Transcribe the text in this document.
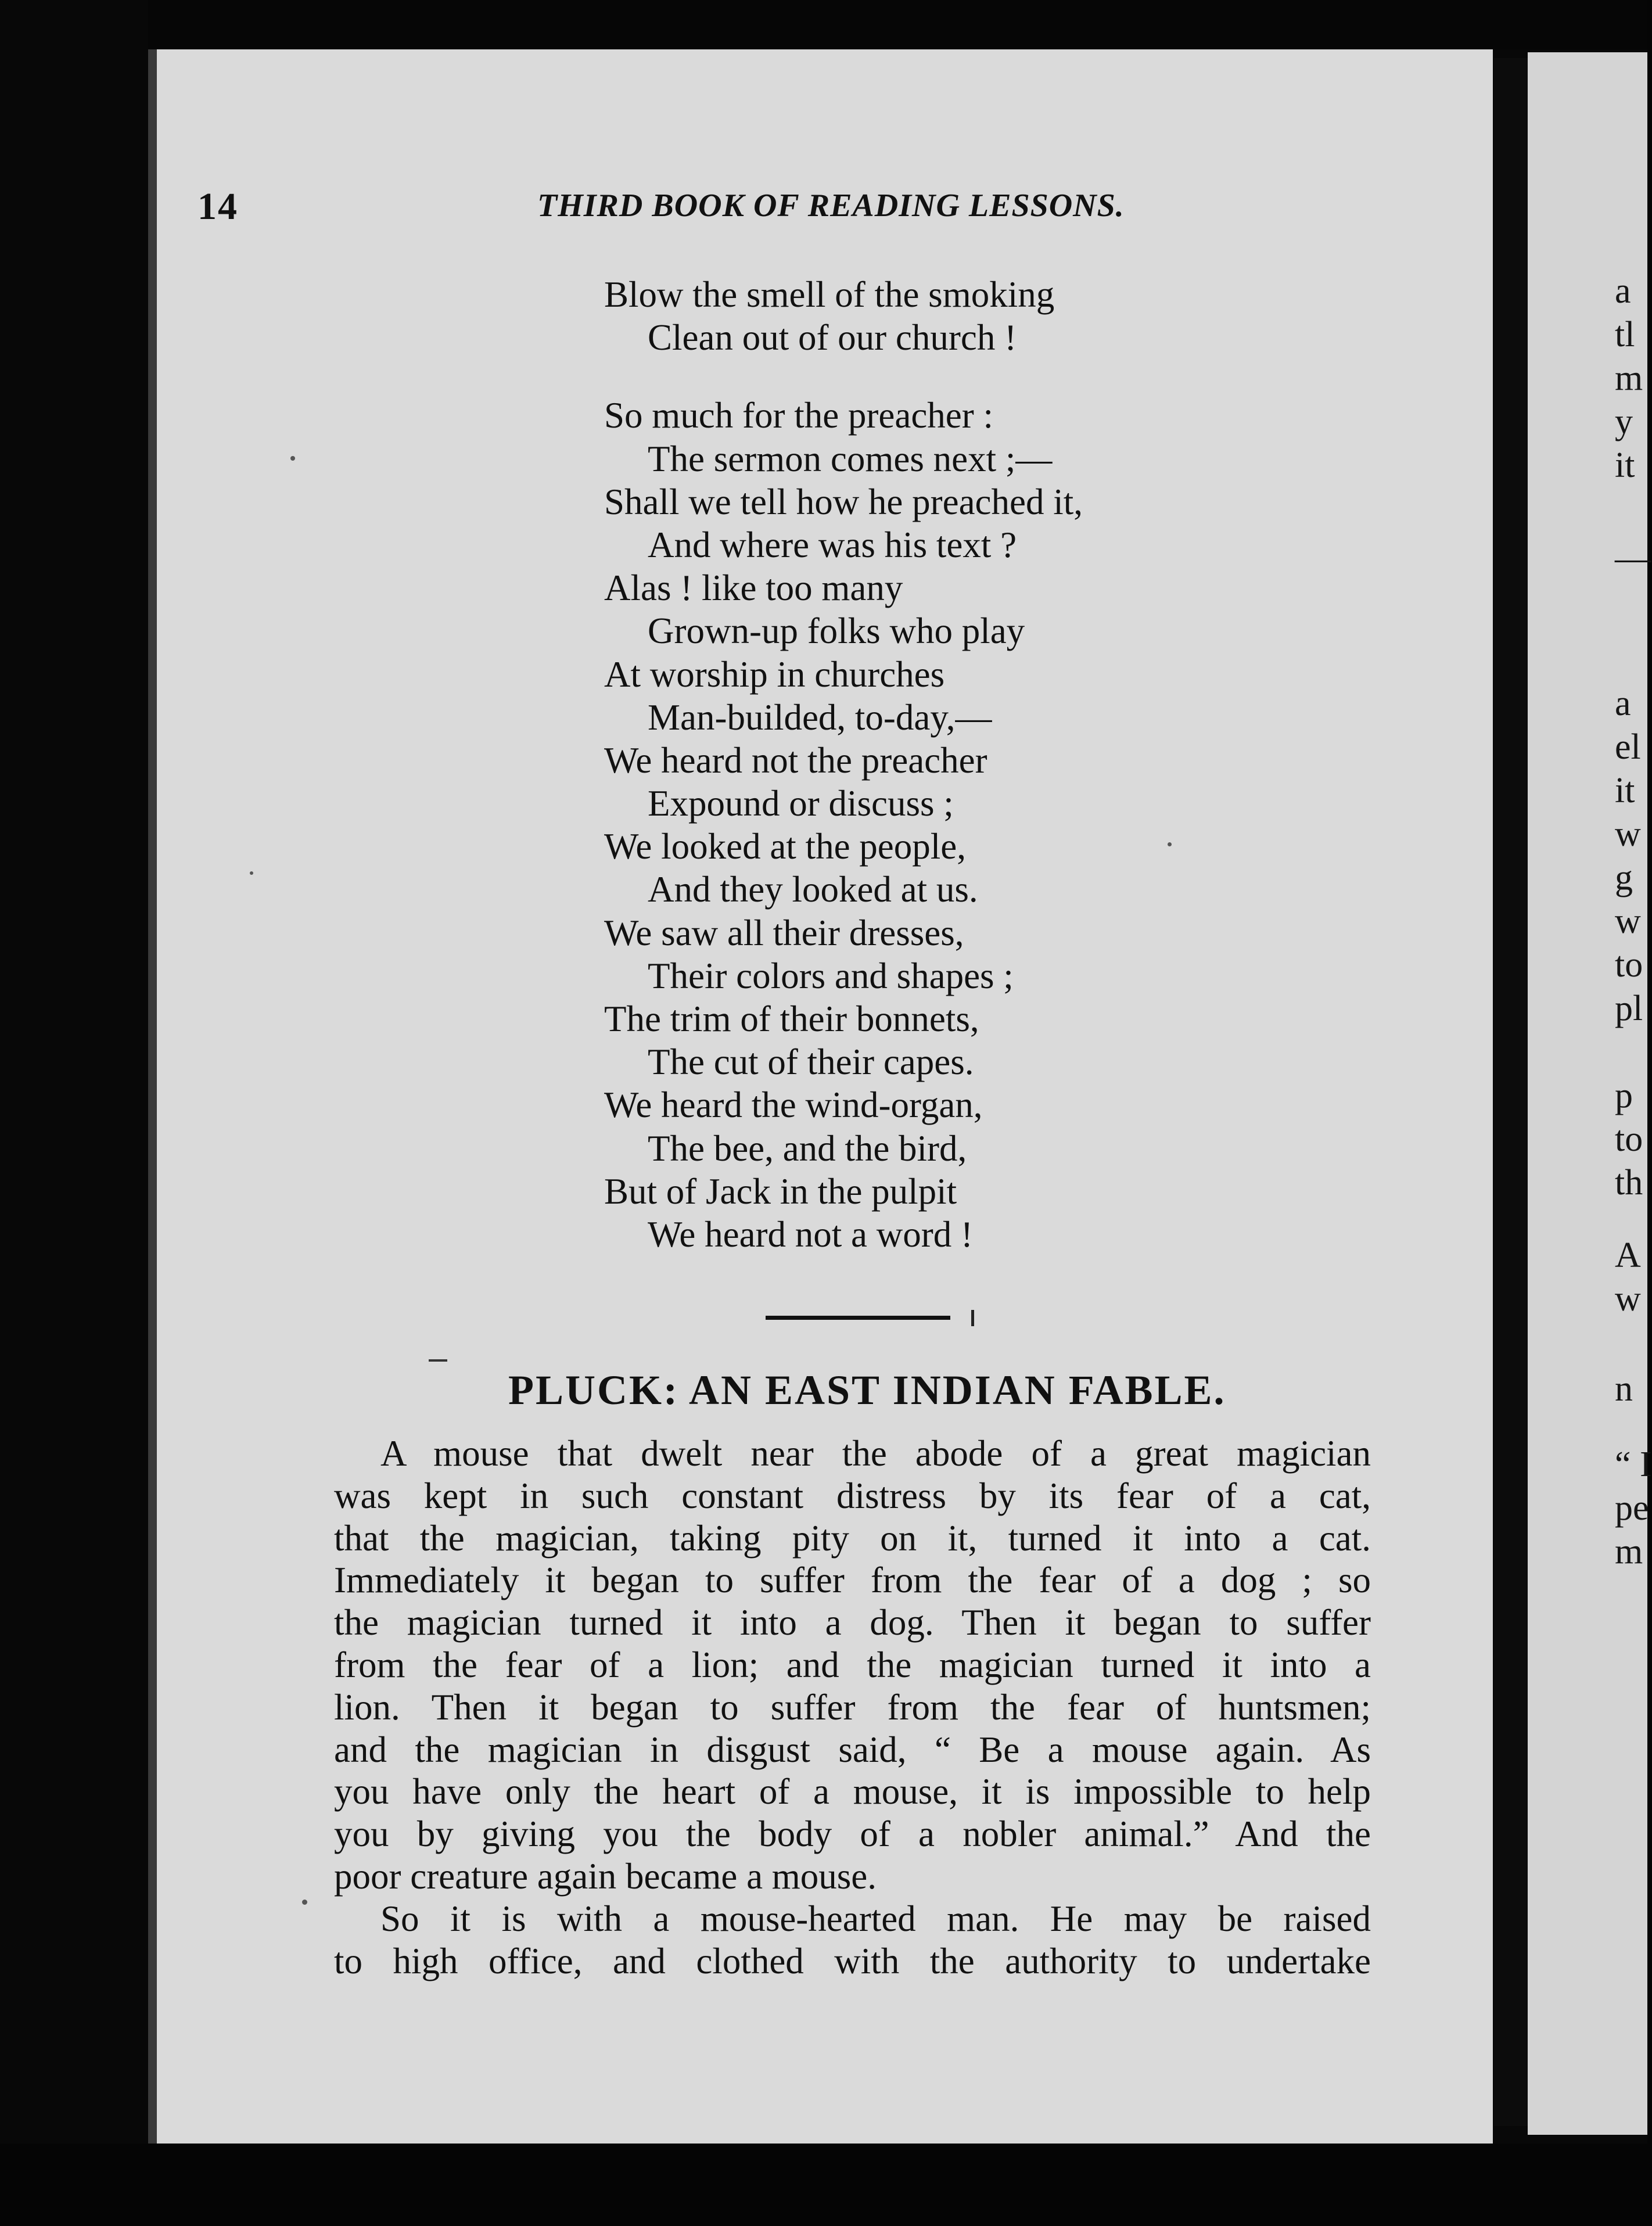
a
tl
m
y
it
—
a
el
it
w
g
w
to
pl
p
to
th
A
w
n
“ I
pe
m
14	THIRD BOOK OF READING LESSONS.
Blow the smell of the smoking
Clean out of our church !
So much for the preacher :
The sermon comes next ;—
Shall we tell how he preached it,
And where was his text ?
Alas ! like too many
Grown-up folks who play
At worship in churches
Man-builded, to-day,—
We heard not the preacher
Expound or discuss ;
We looked at the people,
And they looked at us.
We saw all their dresses,
Their colors and shapes ;
The trim of their bonnets,
The cut of their capes.
We heard the wind-organ,
The bee, and the bird,
But of Jack in the pulpit
We heard not a word !
PLUCK: AN EAST INDIAN FABLE.
A mouse that dwelt near the abode of a great magician
was kept in such constant distress by its fear of a cat,
that the magician, taking pity on it, turned it into a cat.
Immediately it began to suffer from the fear of a dog ; so
the magician turned it into a dog. Then it began to suffer
from the fear of a lion; and the magician turned it into a
lion. Then it began to suffer from the fear of huntsmen;
and the magician in disgust said, “ Be a mouse again. As
you have only the heart of a mouse, it is impossible to help
you by giving you the body of a nobler animal.” And the
poor creature again became a mouse.
So it is with a mouse-hearted man. He may be raised
to high office, and clothed with the authority to undertake
